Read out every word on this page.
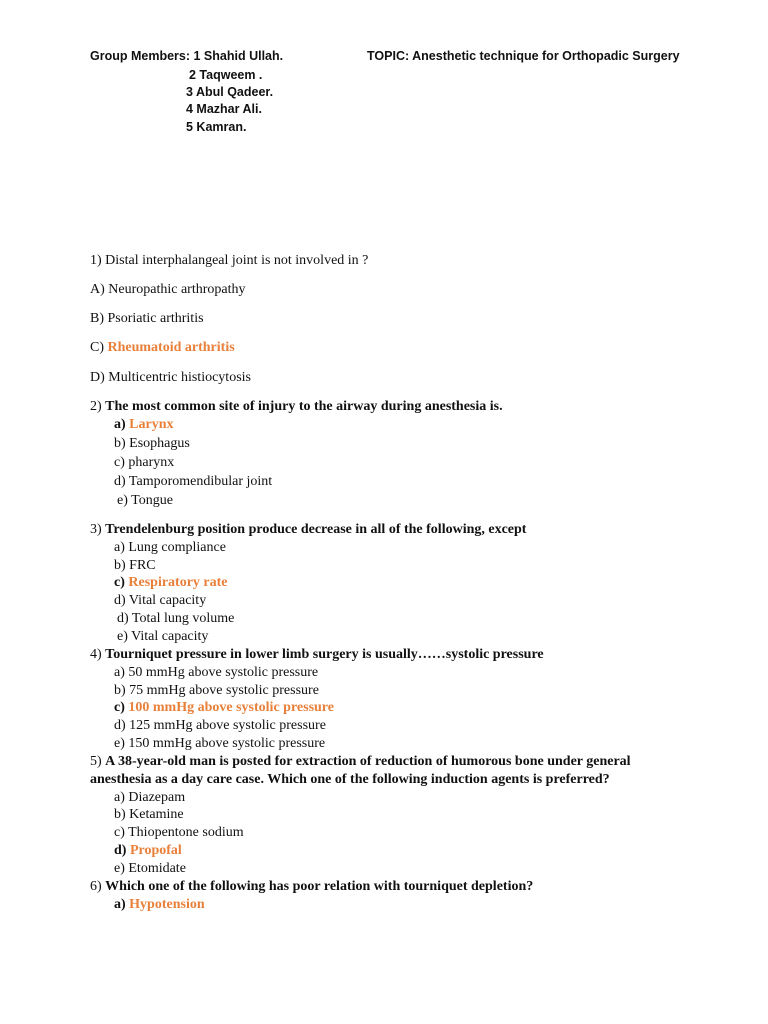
Group Members: 1 Shahid Ullah.	TOPIC: Anesthetic technique for Orthopadic Surgery
2 Taqweem .
3 Abul Qadeer.
4 Mazhar Ali.
5 Kamran.
1) Distal interphalangeal joint is not involved in ?
A) Neuropathic arthropathy
B) Psoriatic arthritis
C) Rheumatoid arthritis
D) Multicentric histiocytosis
2) The most common site of injury to the airway during anesthesia is.
a) Larynx
b) Esophagus
c) pharynx
d) Tamporomendibular joint
e) Tongue
3) Trendelenburg position produce decrease in all of the following, except
a) Lung compliance
b) FRC
c) Respiratory rate
d) Vital capacity
d) Total lung volume
e) Vital capacity
4) Tourniquet pressure in lower limb surgery is usually……systolic pressure
a) 50 mmHg above systolic pressure
b) 75 mmHg above systolic pressure
c) 100 mmHg above systolic pressure
d) 125 mmHg above systolic pressure
e) 150 mmHg above systolic pressure
5) A 38-year-old man is posted for extraction of reduction of humorous bone under general
anesthesia as a day care case. Which one of the following induction agents is preferred?
a) Diazepam
b) Ketamine
c) Thiopentone sodium
d) Propofal
e) Etomidate
6) Which one of the following has poor relation with tourniquet depletion?
a) Hypotension
